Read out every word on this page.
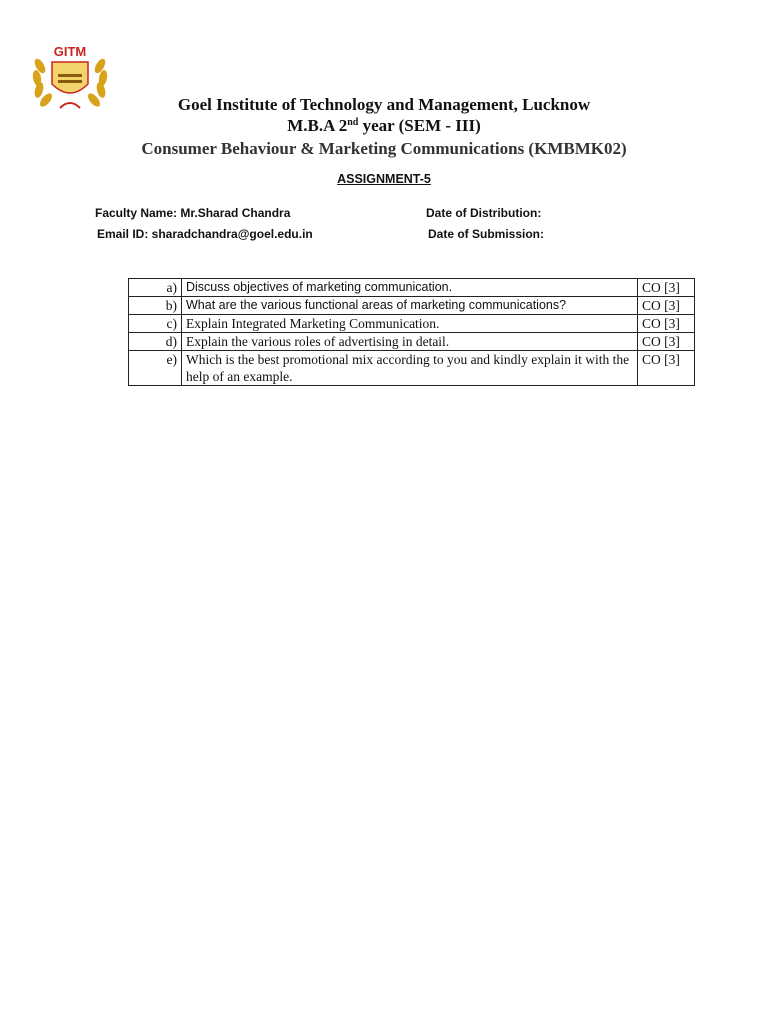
GITM

Goel Institute of Technology and Management, Lucknow

M.B.A 2nd year (SEM - III)

Consumer Behaviour & Marketing Communications (KMBMK02)

ASSIGNMENT-5
Faculty Name: Mr.Sharad Chandra
Email ID: sharadchandra@goel.edu.in
Date of Distribution:
Date of Submission:
a)	Discuss objectives of marketing communication.	CO [3]
b)	What are the various functional areas of marketing communications?	CO [3]
c)	Explain Integrated Marketing Communication.	CO [3]
d)	Explain the various roles of advertising in detail.	CO [3]
e)	Which is the best promotional mix according to you and kindly explain it with the help of an example.	CO [3]
